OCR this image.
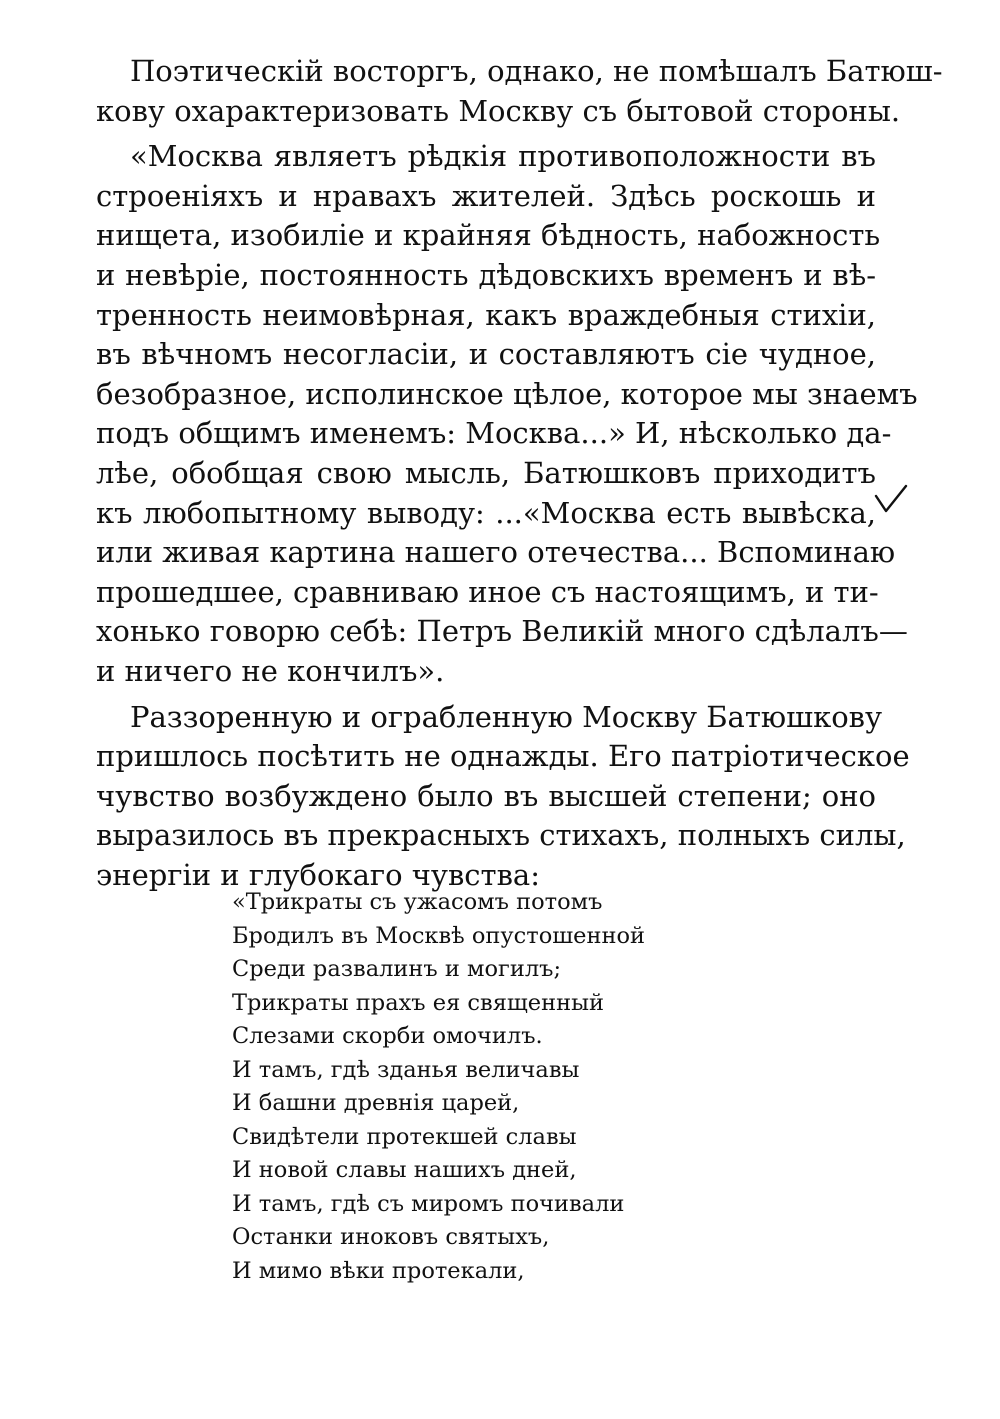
Поэтическій восторгъ, однако, не помѣшалъ Батюш-
кову охарактеризовать Москву съ бытовой стороны.
«Москва являетъ рѣдкія противоположности въ
строеніяхъ и нравахъ жителей. Здѣсь роскошь и
нищета, изобиліе и крайняя бѣдность, набожность
и невѣріе, постоянность дѣдовскихъ временъ и вѣ-
тренность неимовѣрная, какъ враждебныя стихіи,
въ вѣчномъ несогласіи, и составляютъ сіе чудное,
безобразное, исполинское цѣлое, которое мы знаемъ
подъ общимъ именемъ: Москва...» И, нѣсколько да-
лѣе, обобщая свою мысль, Батюшковъ приходитъ
къ любопытному выводу: ...«Москва есть вывѣска,
или живая картина нашего отечества... Вспоминаю
прошедшее, сравниваю иное съ настоящимъ, и ти-
хонько говорю себѣ: Петръ Великій много сдѣлалъ—
и ничего не кончилъ».
Раззоренную и ограбленную Москву Батюшкову
пришлось посѣтить не однажды. Его патріотическое
чувство возбуждено было въ высшей степени; оно
выразилось въ прекрасныхъ стихахъ, полныхъ силы,
энергіи и глубокаго чувства:
«Трикраты съ ужасомъ потомъ
Бродилъ въ Москвѣ опустошенной
Среди развалинъ и могилъ;
Трикраты прахъ ея священный
Слезами скорби омочилъ.
И тамъ, гдѣ зданья величавы
И башни древнія царей,
Свидѣтели протекшей славы
И новой славы нашихъ дней,
И тамъ, гдѣ съ миромъ почивали
Останки иноковъ святыхъ,
И мимо вѣки протекали,
